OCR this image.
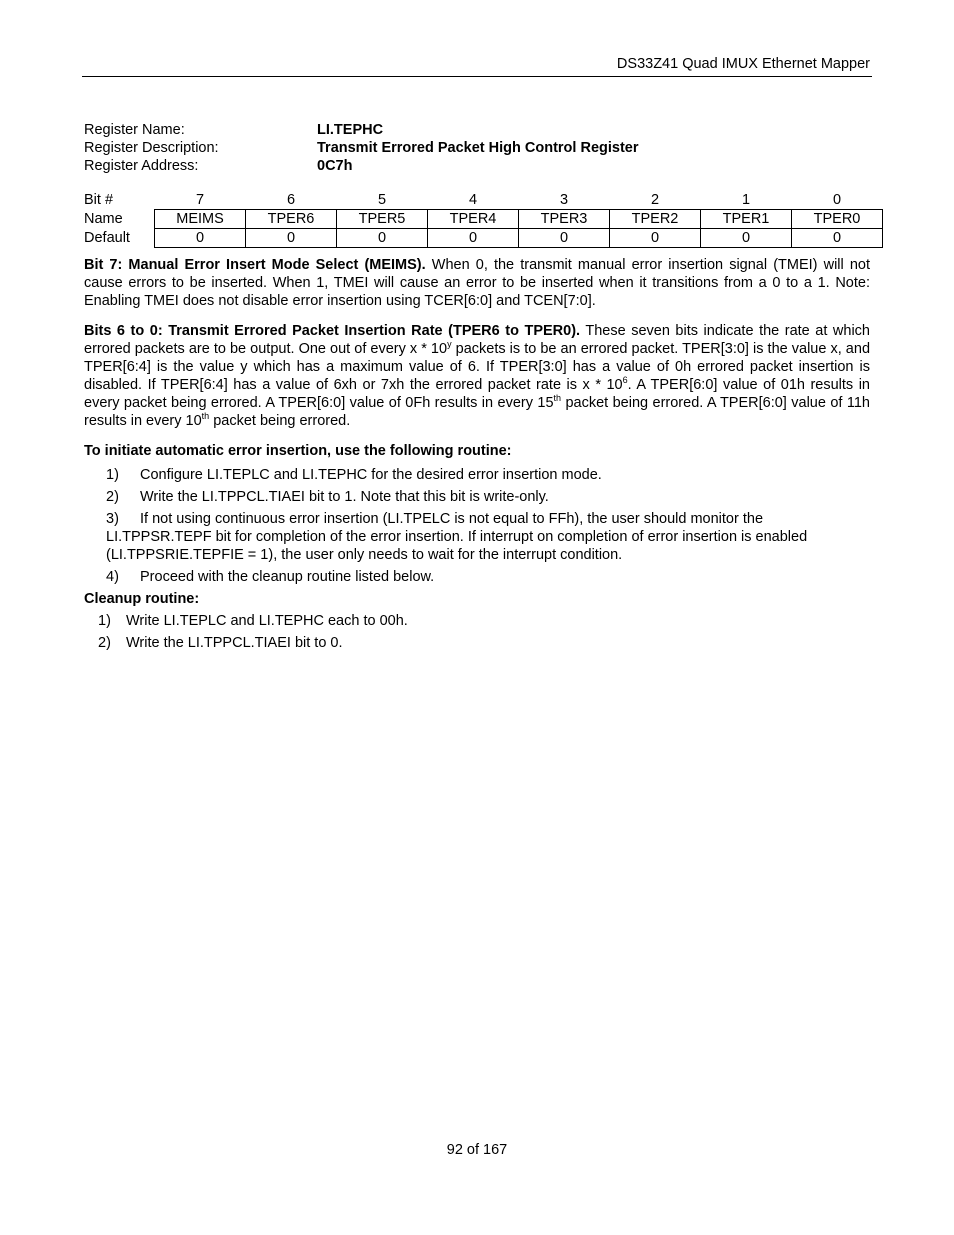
DS33Z41 Quad IMUX Ethernet Mapper
Register Name:	LI.TEPHC
Register Description:	Transmit Errored Packet High Control Register
Register Address:	0C7h
Bit #	7	6	5	4	3	2	1	0
Name	MEIMS	TPER6	TPER5	TPER4	TPER3	TPER2	TPER1	TPER0
Default	0	0	0	0	0	0	0	0

Bit 7: Manual Error Insert Mode Select (MEIMS). When 0, the transmit manual error insertion signal (TMEI) will not cause errors to be inserted. When 1, TMEI will cause an error to be inserted when it transitions from a 0 to a 1. Note: Enabling TMEI does not disable error insertion using TCER[6:0] and TCEN[7:0].

Bits 6 to 0: Transmit Errored Packet Insertion Rate (TPER6 to TPER0). These seven bits indicate the rate at which errored packets are to be output. One out of every x * 10$^y$ packets is to be an errored packet. TPER[3:0] is the value x, and TPER[6:4] is the value y which has a maximum value of 6. If TPER[3:0] has a value of 0h errored packet insertion is disabled. If TPER[6:4] has a value of 6xh or 7xh the errored packet rate is x * $10^6$. A TPER[6:0] value of 01h results in every packet being errored. A TPER[6:0] value of 0Fh results in every 15th packet being errored. A TPER[6:0] value of 11h results in every 10th packet being errored.

To initiate automatic error insertion, use the following routine:
1) Configure LI.TEPLC and LI.TEPHC for the desired error insertion mode.
2) Write the LI.TPPCL.TIAEI bit to 1. Note that this bit is write-only.
3) If not using continuous error insertion (LI.TPELC is not equal to FFh), the user should monitor the LI.TPPSR.TEPF bit for completion of the error insertion. If interrupt on completion of error insertion is enabled (LI.TPPSRIE.TEPFIE = 1), the user only needs to wait for the interrupt condition.
4) Proceed with the cleanup routine listed below.
Cleanup routine:
1) Write LI.TEPLC and LI.TEPHC each to 00h.
2) Write the LI.TPPCL.TIAEI bit to 0.
92 of 167
